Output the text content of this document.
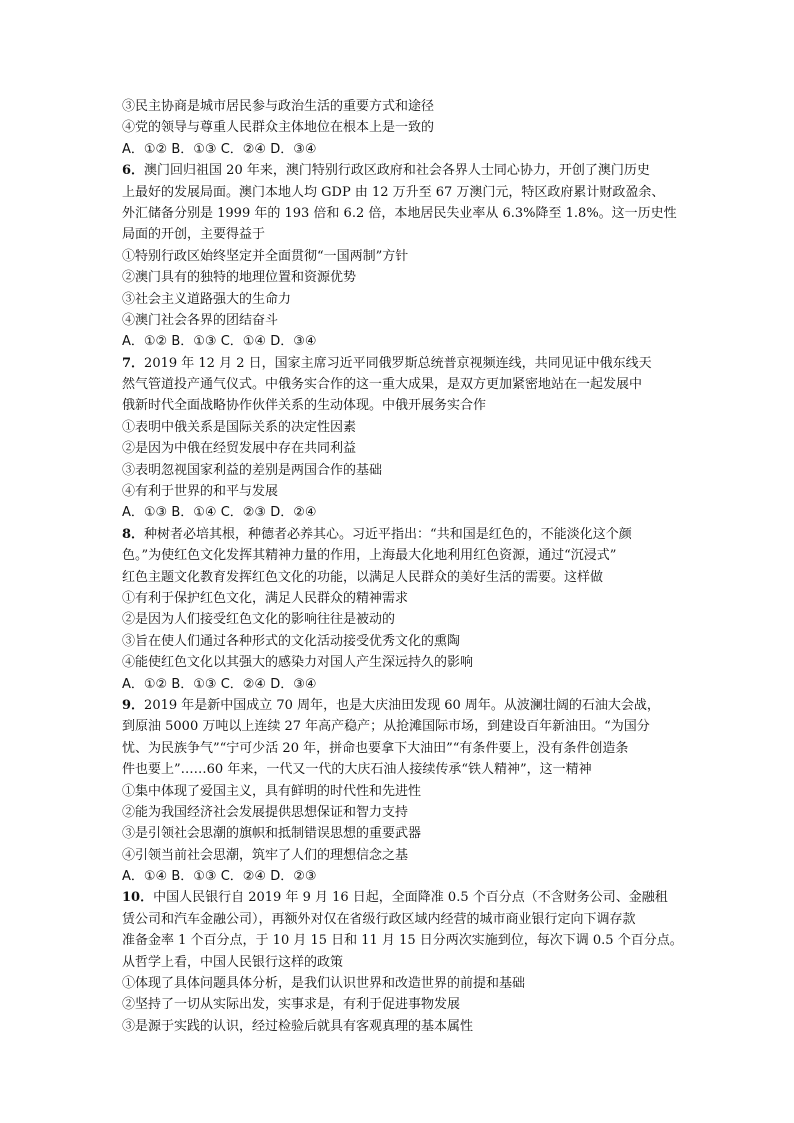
③民主协商是城市居民参与政治生活的重要方式和途径
④党的领导与尊重人民群众主体地位在根本上是一致的
A．①② B．①③ C．②④ D．③④
6．澳门回归祖国 20 年来，澳门特别行政区政府和社会各界人士同心协力，开创了澳门历史
上最好的发展局面。澳门本地人均 GDP 由 12 万升至 67 万澳门元，特区政府累计财政盈余、
外汇储备分别是 1999 年的 193 倍和 6.2 倍，本地居民失业率从 6.3%降至 1.8%。这一历史性
局面的开创，主要得益于
①特别行政区始终坚定并全面贯彻“一国两制”方针
②澳门具有的独特的地理位置和资源优势
③社会主义道路强大的生命力
④澳门社会各界的团结奋斗
A．①② B．①③ C．①④ D．③④
7．2019 年 12 月 2 日，国家主席习近平同俄罗斯总统普京视频连线，共同见证中俄东线天
然气管道投产通气仪式。中俄务实合作的这一重大成果，是双方更加紧密地站在一起发展中
俄新时代全面战略协作伙伴关系的生动体现。中俄开展务实合作
①表明中俄关系是国际关系的决定性因素
②是因为中俄在经贸发展中存在共同利益
③表明忽视国家利益的差别是两国合作的基础
④有利于世界的和平与发展
A．①③ B．①④ C．②③ D．②④
8．种树者必培其根，种德者必养其心。习近平指出：“共和国是红色的，不能淡化这个颜
色。”为使红色文化发挥其精神力量的作用，上海最大化地利用红色资源，通过“沉浸式”
红色主题文化教育发挥红色文化的功能，以满足人民群众的美好生活的需要。这样做
①有利于保护红色文化，满足人民群众的精神需求
②是因为人们接受红色文化的影响往往是被动的
③旨在使人们通过各种形式的文化活动接受优秀文化的熏陶
④能使红色文化以其强大的感染力对国人产生深远持久的影响
A．①② B．①③ C．②④ D．③④
9．2019 年是新中国成立 70 周年，也是大庆油田发现 60 周年。从波澜壮阔的石油大会战，
到原油 5000 万吨以上连续 27 年高产稳产；从抢滩国际市场，到建设百年新油田。“为国分
忧、为民族争气”“宁可少活 20 年，拼命也要拿下大油田”“有条件要上，没有条件创造条
件也要上”……60 年来，一代又一代的大庆石油人接续传承“铁人精神”，这一精神
①集中体现了爱国主义，具有鲜明的时代性和先进性
②能为我国经济社会发展提供思想保证和智力支持
③是引领社会思潮的旗帜和抵制错误思想的重要武器
④引领当前社会思潮，筑牢了人们的理想信念之基
A．①④ B．①③ C．②④ D．②③
10．中国人民银行自 2019 年 9 月 16 日起，全面降准 0.5 个百分点（不含财务公司、金融租
赁公司和汽车金融公司），再额外对仅在省级行政区域内经营的城市商业银行定向下调存款
准备金率 1 个百分点，于 10 月 15 日和 11 月 15 日分两次实施到位，每次下调 0.5 个百分点。
从哲学上看，中国人民银行这样的政策
①体现了具体问题具体分析，是我们认识世界和改造世界的前提和基础
②坚持了一切从实际出发，实事求是，有利于促进事物发展
③是源于实践的认识，经过检验后就具有客观真理的基本属性
